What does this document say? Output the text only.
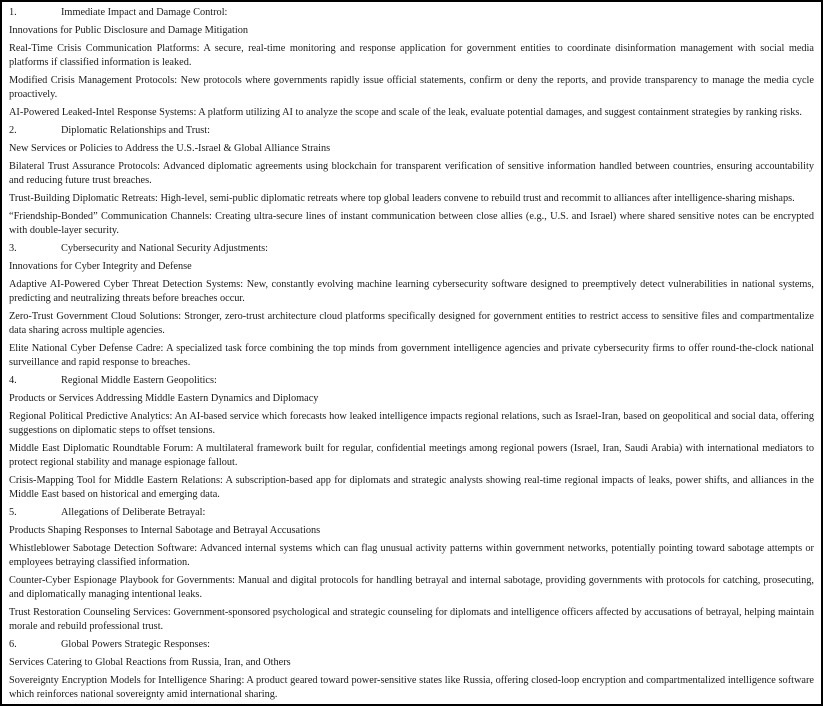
1.	Immediate Impact and Damage Control:
Innovations for Public Disclosure and Damage Mitigation
Real-Time Crisis Communication Platforms: A secure, real-time monitoring and response application for government entities to coordinate disinformation management with social media platforms if classified information is leaked.
Modified Crisis Management Protocols: New protocols where governments rapidly issue official statements, confirm or deny the reports, and provide transparency to manage the media cycle proactively.
AI-Powered Leaked-Intel Response Systems: A platform utilizing AI to analyze the scope and scale of the leak, evaluate potential damages, and suggest containment strategies by ranking risks.
2.	Diplomatic Relationships and Trust:
New Services or Policies to Address the U.S.-Israel & Global Alliance Strains
Bilateral Trust Assurance Protocols: Advanced diplomatic agreements using blockchain for transparent verification of sensitive information handled between countries, ensuring accountability and reducing future trust breaches.
Trust-Building Diplomatic Retreats: High-level, semi-public diplomatic retreats where top global leaders convene to rebuild trust and recommit to alliances after intelligence-sharing mishaps.
“Friendship-Bonded” Communication Channels: Creating ultra-secure lines of instant communication between close allies (e.g., U.S. and Israel) where shared sensitive notes can be encrypted with double-layer security.
3.	Cybersecurity and National Security Adjustments:
Innovations for Cyber Integrity and Defense
Adaptive AI-Powered Cyber Threat Detection Systems: New, constantly evolving machine learning cybersecurity software designed to preemptively detect vulnerabilities in national systems, predicting and neutralizing threats before breaches occur.
Zero-Trust Government Cloud Solutions: Stronger, zero-trust architecture cloud platforms specifically designed for government entities to restrict access to sensitive files and compartmentalize data sharing across multiple agencies.
Elite National Cyber Defense Cadre: A specialized task force combining the top minds from government intelligence agencies and private cybersecurity firms to offer round-the-clock national surveillance and rapid response to breaches.
4.	Regional Middle Eastern Geopolitics:
Products or Services Addressing Middle Eastern Dynamics and Diplomacy
Regional Political Predictive Analytics: An AI-based service which forecasts how leaked intelligence impacts regional relations, such as Israel-Iran, based on geopolitical and social data, offering suggestions on diplomatic steps to offset tensions.
Middle East Diplomatic Roundtable Forum: A multilateral framework built for regular, confidential meetings among regional powers (Israel, Iran, Saudi Arabia) with international mediators to protect regional stability and manage espionage fallout.
Crisis-Mapping Tool for Middle Eastern Relations: A subscription-based app for diplomats and strategic analysts showing real-time regional impacts of leaks, power shifts, and alliances in the Middle East based on historical and emerging data.
5.	Allegations of Deliberate Betrayal:
Products Shaping Responses to Internal Sabotage and Betrayal Accusations
Whistleblower Sabotage Detection Software: Advanced internal systems which can flag unusual activity patterns within government networks, potentially pointing toward sabotage attempts or employees betraying classified information.
Counter-Cyber Espionage Playbook for Governments: Manual and digital protocols for handling betrayal and internal sabotage, providing governments with protocols for catching, prosecuting, and diplomatically managing intentional leaks.
Trust Restoration Counseling Services: Government-sponsored psychological and strategic counseling for diplomats and intelligence officers affected by accusations of betrayal, helping maintain morale and rebuild professional trust.
6.	Global Powers Strategic Responses:
Services Catering to Global Reactions from Russia, Iran, and Others
Sovereignty Encryption Models for Intelligence Sharing: A product geared toward power-sensitive states like Russia, offering closed-loop encryption and compartmentalized intelligence software which reinforces national sovereignty amid international sharing.
